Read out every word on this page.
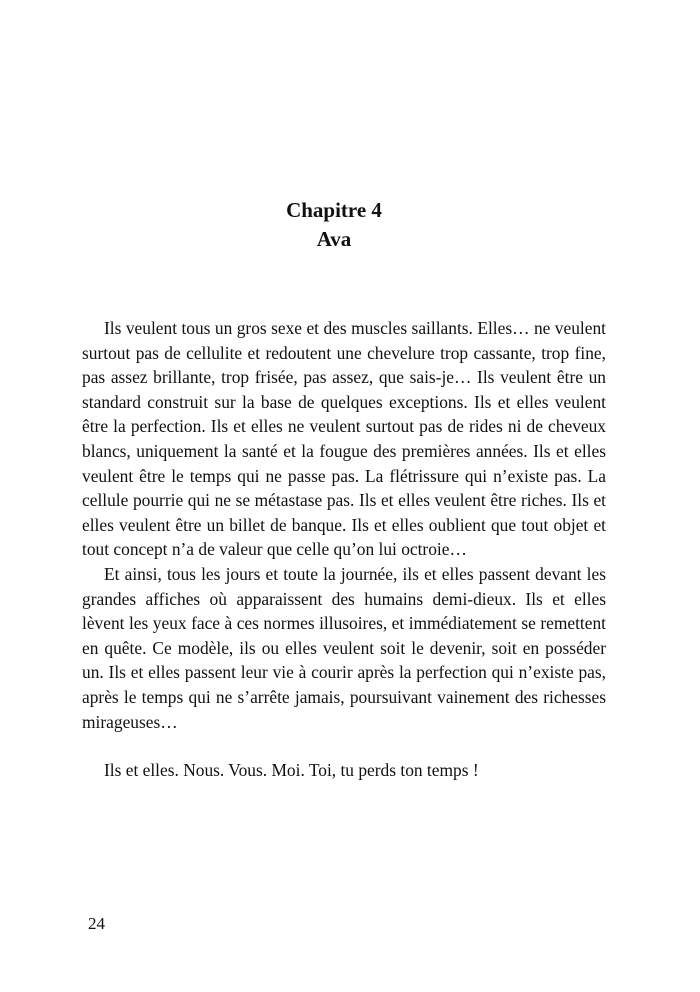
Chapitre 4
Ava

Ils veulent tous un gros sexe et des muscles saillants. Elles… ne veulent surtout pas de cellulite et redoutent une chevelure trop cassante, trop fine, pas assez brillante, trop frisée, pas assez, que sais-je… Ils veulent être un standard construit sur la base de quelques exceptions. Ils et elles veulent être la perfection. Ils et elles ne veulent surtout pas de rides ni de cheveux blancs, uniquement la santé et la fougue des premières années. Ils et elles veulent être le temps qui ne passe pas. La flétrissure qui n’existe pas. La cellule pourrie qui ne se métastase pas. Ils et elles veulent être riches. Ils et elles veulent être un billet de banque. Ils et elles oublient que tout objet et tout concept n’a de valeur que celle qu’on lui octroie…

Et ainsi, tous les jours et toute la journée, ils et elles passent devant les grandes affiches où apparaissent des humains demi-dieux. Ils et elles lèvent les yeux face à ces normes illusoires, et immédiatement se remettent en quête. Ce modèle, ils ou elles veulent soit le devenir, soit en posséder un. Ils et elles passent leur vie à courir après la perfection qui n’existe pas, après le temps qui ne s’arrête jamais, poursuivant vainement des richesses mirageuses…

Ils et elles. Nous. Vous. Moi. Toi, tu perds ton temps !

24
